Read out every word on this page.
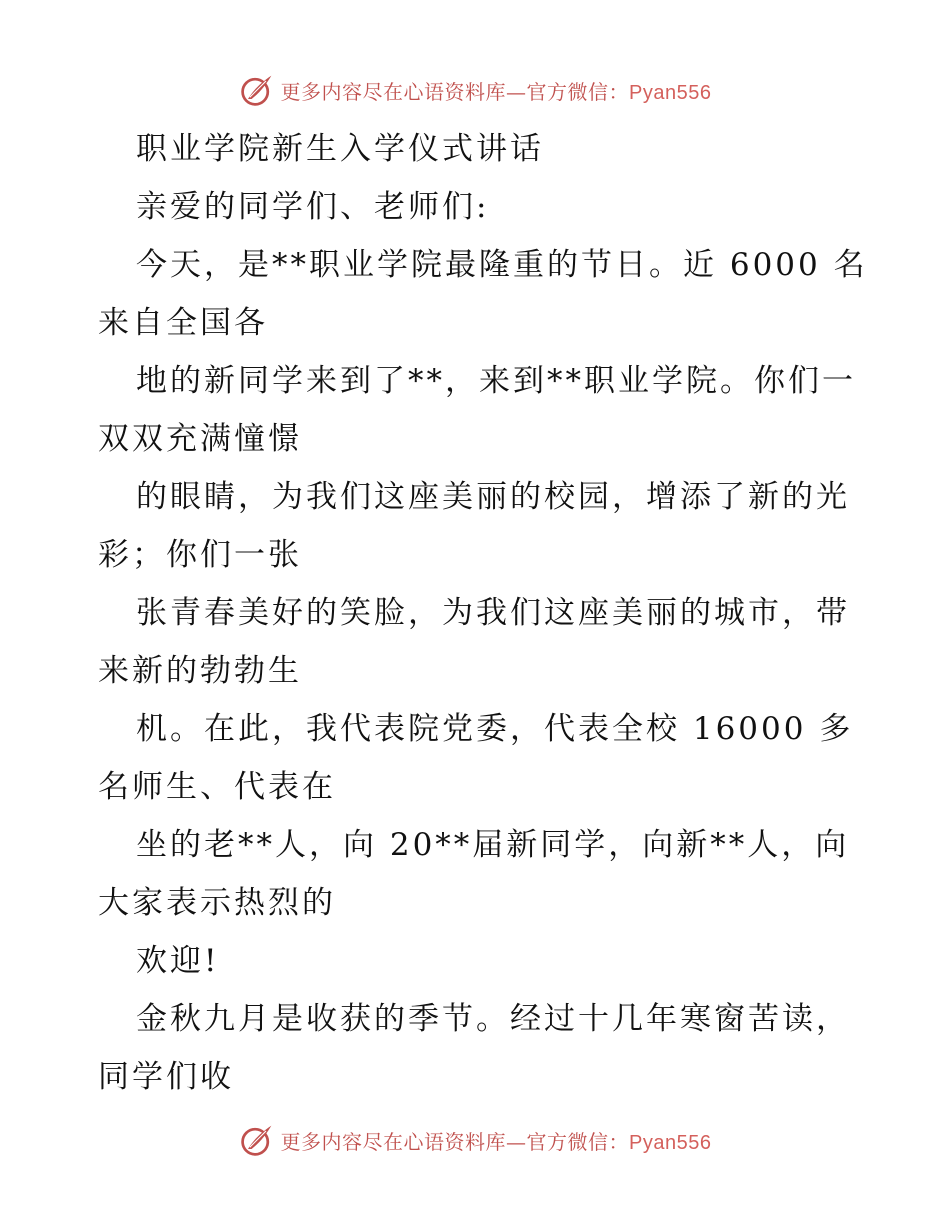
更多内容尽在心语资料库—官方微信：Pyan556
职业学院新生入学仪式讲话
亲爱的同学们、老师们:
今天，是**职业学院最隆重的节日。近 6000 名
来自全国各
地的新同学来到了**，来到**职业学院。你们一
双双充满憧憬
的眼睛，为我们这座美丽的校园，增添了新的光
彩；你们一张
张青春美好的笑脸，为我们这座美丽的城市，带
来新的勃勃生
机。在此，我代表院党委，代表全校 16000 多
名师生、代表在
坐的老**人，向 20**届新同学，向新**人，向
大家表示热烈的
欢迎!
金秋九月是收获的季节。经过十几年寒窗苦读，
同学们收
更多内容尽在心语资料库—官方微信：Pyan556
